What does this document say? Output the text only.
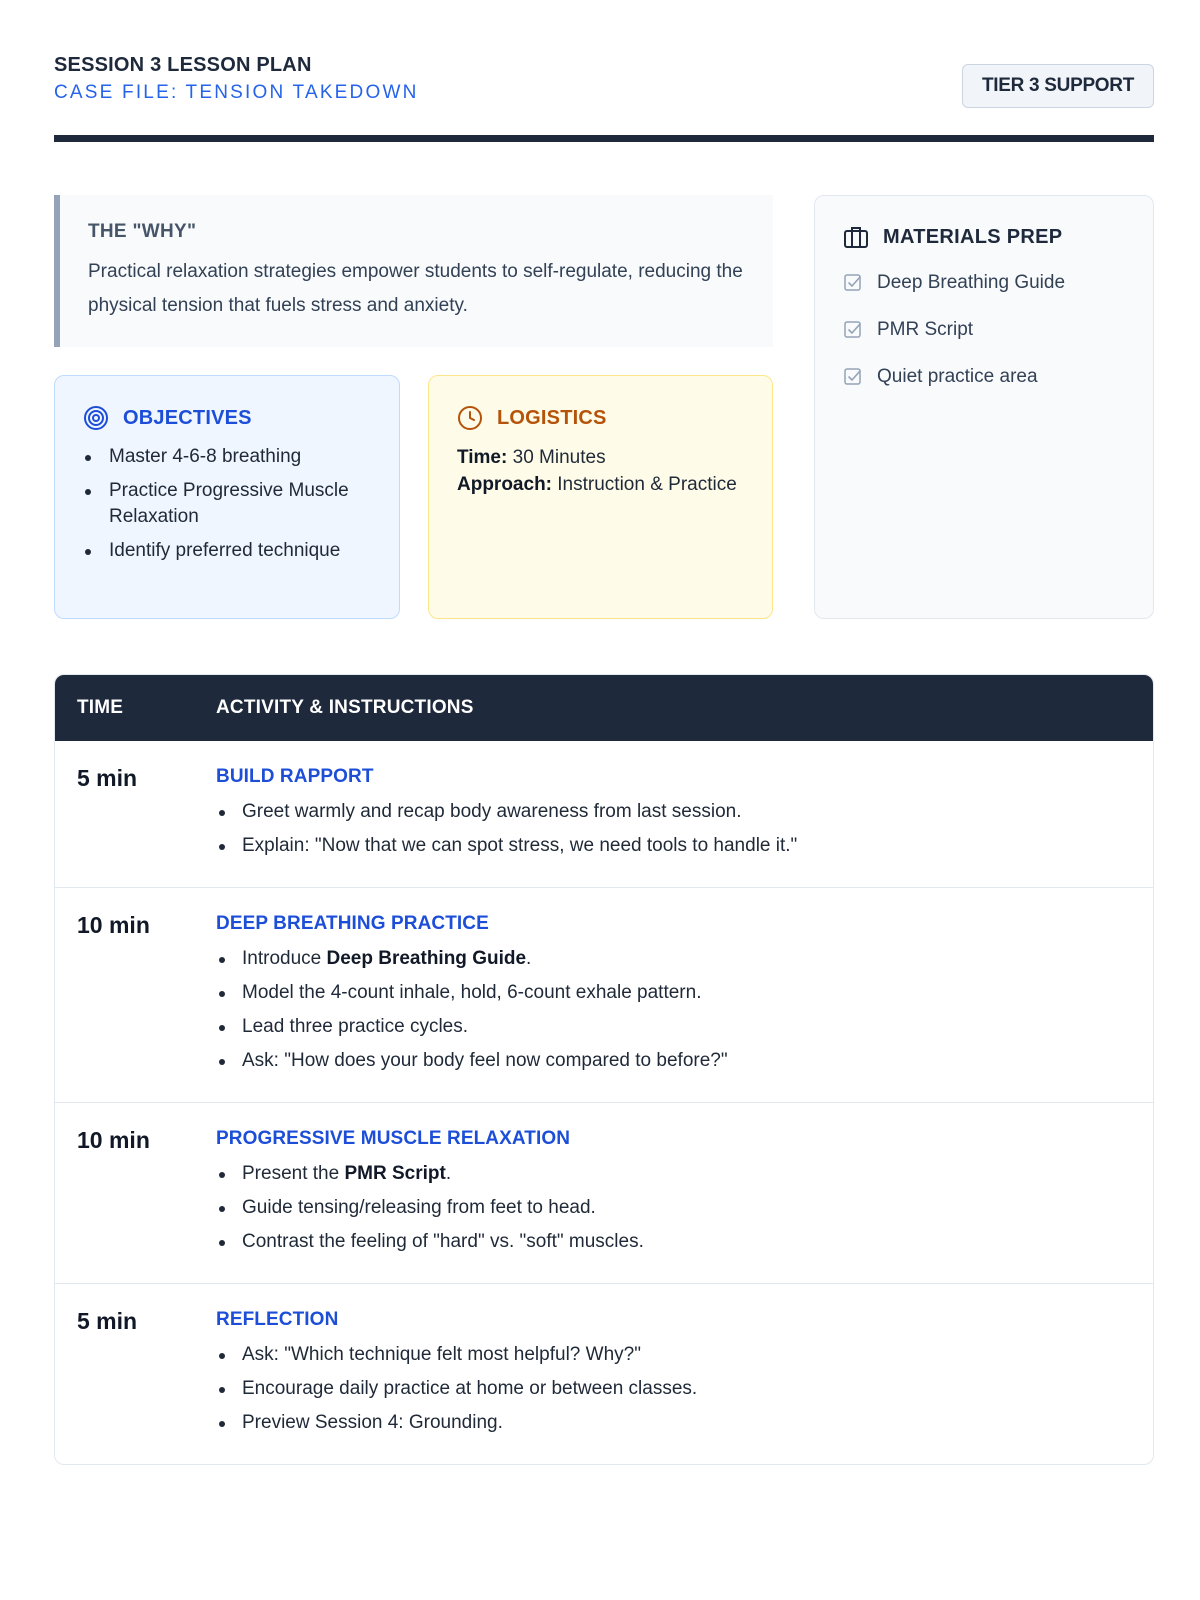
SESSION 3 LESSON PLAN
CASE FILE: TENSION TAKEDOWN	TIER 3 SUPPORT
THE "WHY"
Practical relaxation strategies empower students to self-regulate, reducing the physical tension that fuels stress and anxiety.
OBJECTIVES
Master 4-6-8 breathing
Practice Progressive Muscle Relaxation
Identify preferred technique
LOGISTICS
Time: 30 Minutes
Approach: Instruction & Practice
MATERIALS PREP
Deep Breathing Guide
PMR Script
Quiet practice area
TIME	ACTIVITY & INSTRUCTIONS
5 min	BUILD RAPPORT
Greet warmly and recap body awareness from last session.
Explain: "Now that we can spot stress, we need tools to handle it."
10 min	DEEP BREATHING PRACTICE
Introduce Deep Breathing Guide.
Model the 4-count inhale, hold, 6-count exhale pattern.
Lead three practice cycles.
Ask: "How does your body feel now compared to before?"
10 min	PROGRESSIVE MUSCLE RELAXATION
Present the PMR Script.
Guide tensing/releasing from feet to head.
Contrast the feeling of "hard" vs. "soft" muscles.
5 min	REFLECTION
Ask: "Which technique felt most helpful? Why?"
Encourage daily practice at home or between classes.
Preview Session 4: Grounding.
